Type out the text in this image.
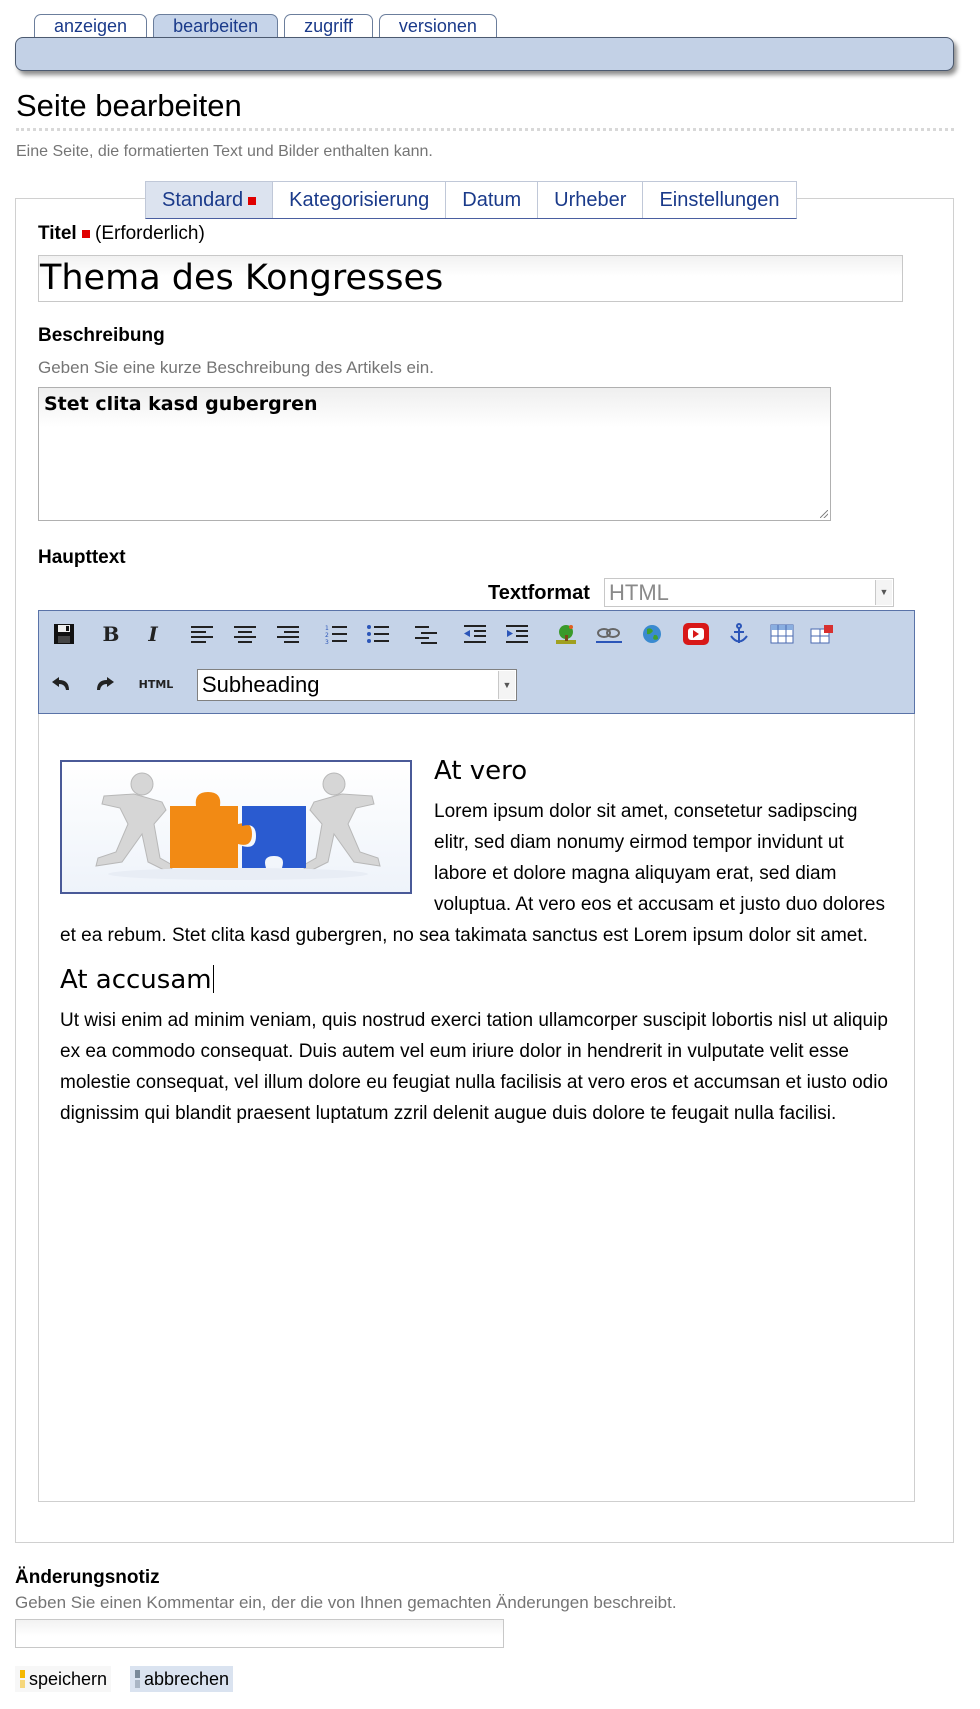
anzeigen	bearbeiten	zugriff	versionen
Seite bearbeiten
Eine Seite, die formatierten Text und Bilder enthalten kann.
Standard	Kategorisierung	Datum	Urheber	Einstellungen
Titel (Erforderlich)
Thema des Kongresses
Beschreibung
Geben Sie eine kurze Beschreibung des Artikels ein.
Stet clita kasd gubergren
Haupttext
Textformat HTML	▼
B	I	1
2
3
HTML Subheading	▼
At vero

Lorem ipsum dolor sit amet, consetetur sadipscing elitr, sed diam nonumy eirmod tempor invidunt ut labore et dolore magna aliquyam erat, sed diam voluptua. At vero eos et accusam et justo duo dolores et ea rebum. Stet clita kasd gubergren, no sea takimata sanctus est Lorem ipsum dolor sit amet.

At accusam

Ut wisi enim ad minim veniam, quis nostrud exerci tation ullamcorper suscipit lobortis nisl ut aliquip ex ea commodo consequat. Duis autem vel eum iriure dolor in hendrerit in vulputate velit esse molestie consequat, vel illum dolore eu feugiat nulla facilisis at vero eros et accumsan et iusto odio dignissim qui blandit praesent luptatum zzril delenit augue duis dolore te feugait nulla facilisi.

Änderungsnotiz
Geben Sie einen Kommentar ein, der die von Ihnen gemachten Änderungen beschreibt.
speichern	abbrechen
